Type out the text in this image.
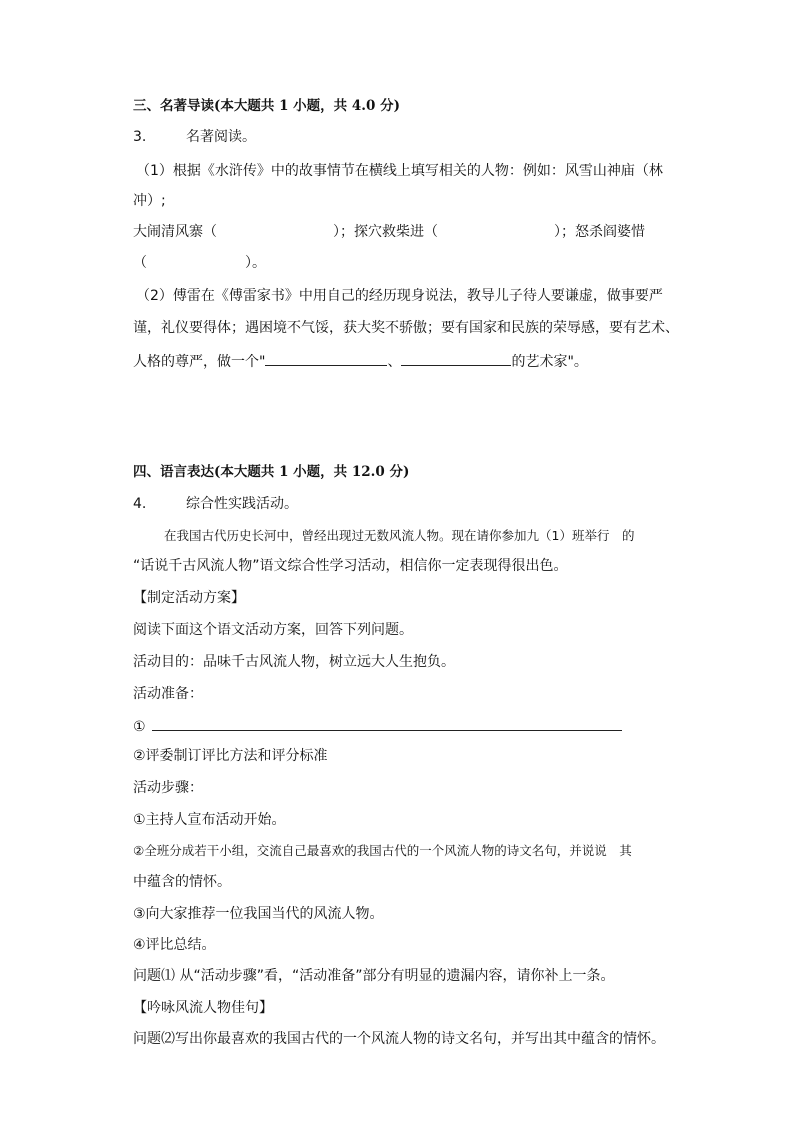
三、名著导读(本大题共 1 小题，共 4.0 分)
3.	名著阅读。
（1）根据《水浒传》中的故事情节在横线上填写相关的人物：例如：风雪山神庙（林
冲）;
大闹清风寨（	）；探穴救柴进（	）；怒杀阎婆惜
（	）。
（2）傅雷在《傅雷家书》中用自己的经历现身说法，教导儿子待人要谦虚，做事要严
谨，礼仪要得体；遇困境不气馁，获大奖不骄傲；要有国家和民族的荣辱感，要有艺术、
人格的尊严，做一个"	、	的艺术家"。
四、语言表达(本大题共 1 小题，共 12.0 分)
4.	综合性实践活动。
在我国古代历史长河中，曾经出现过无数风流人物。现在请你参加九（1）班举行　的
“话说千古风流人物”语文综合性学习活动，相信你一定表现得很出色。
【制定活动方案】
阅读下面这个语文活动方案，回答下列问题。
活动目的：品味千古风流人物，树立远大人生抱负。
活动准备：
①
②评委制订评比方法和评分标准
活动步骤：
①主持人宣布活动开始。
②全班分成若干小组，交流自己最喜欢的我国古代的一个风流人物的诗文名句，并说说　其
中蕴含的情怀。
③向大家推荐一位我国当代的风流人物。
④评比总结。
问题⑴ 从“活动步骤”看，“活动准备”部分有明显的遗漏内容，请你补上一条。
【吟咏风流人物佳句】
问题⑵写出你最喜欢的我国古代的一个风流人物的诗文名句，并写出其中蕴含的情怀。
